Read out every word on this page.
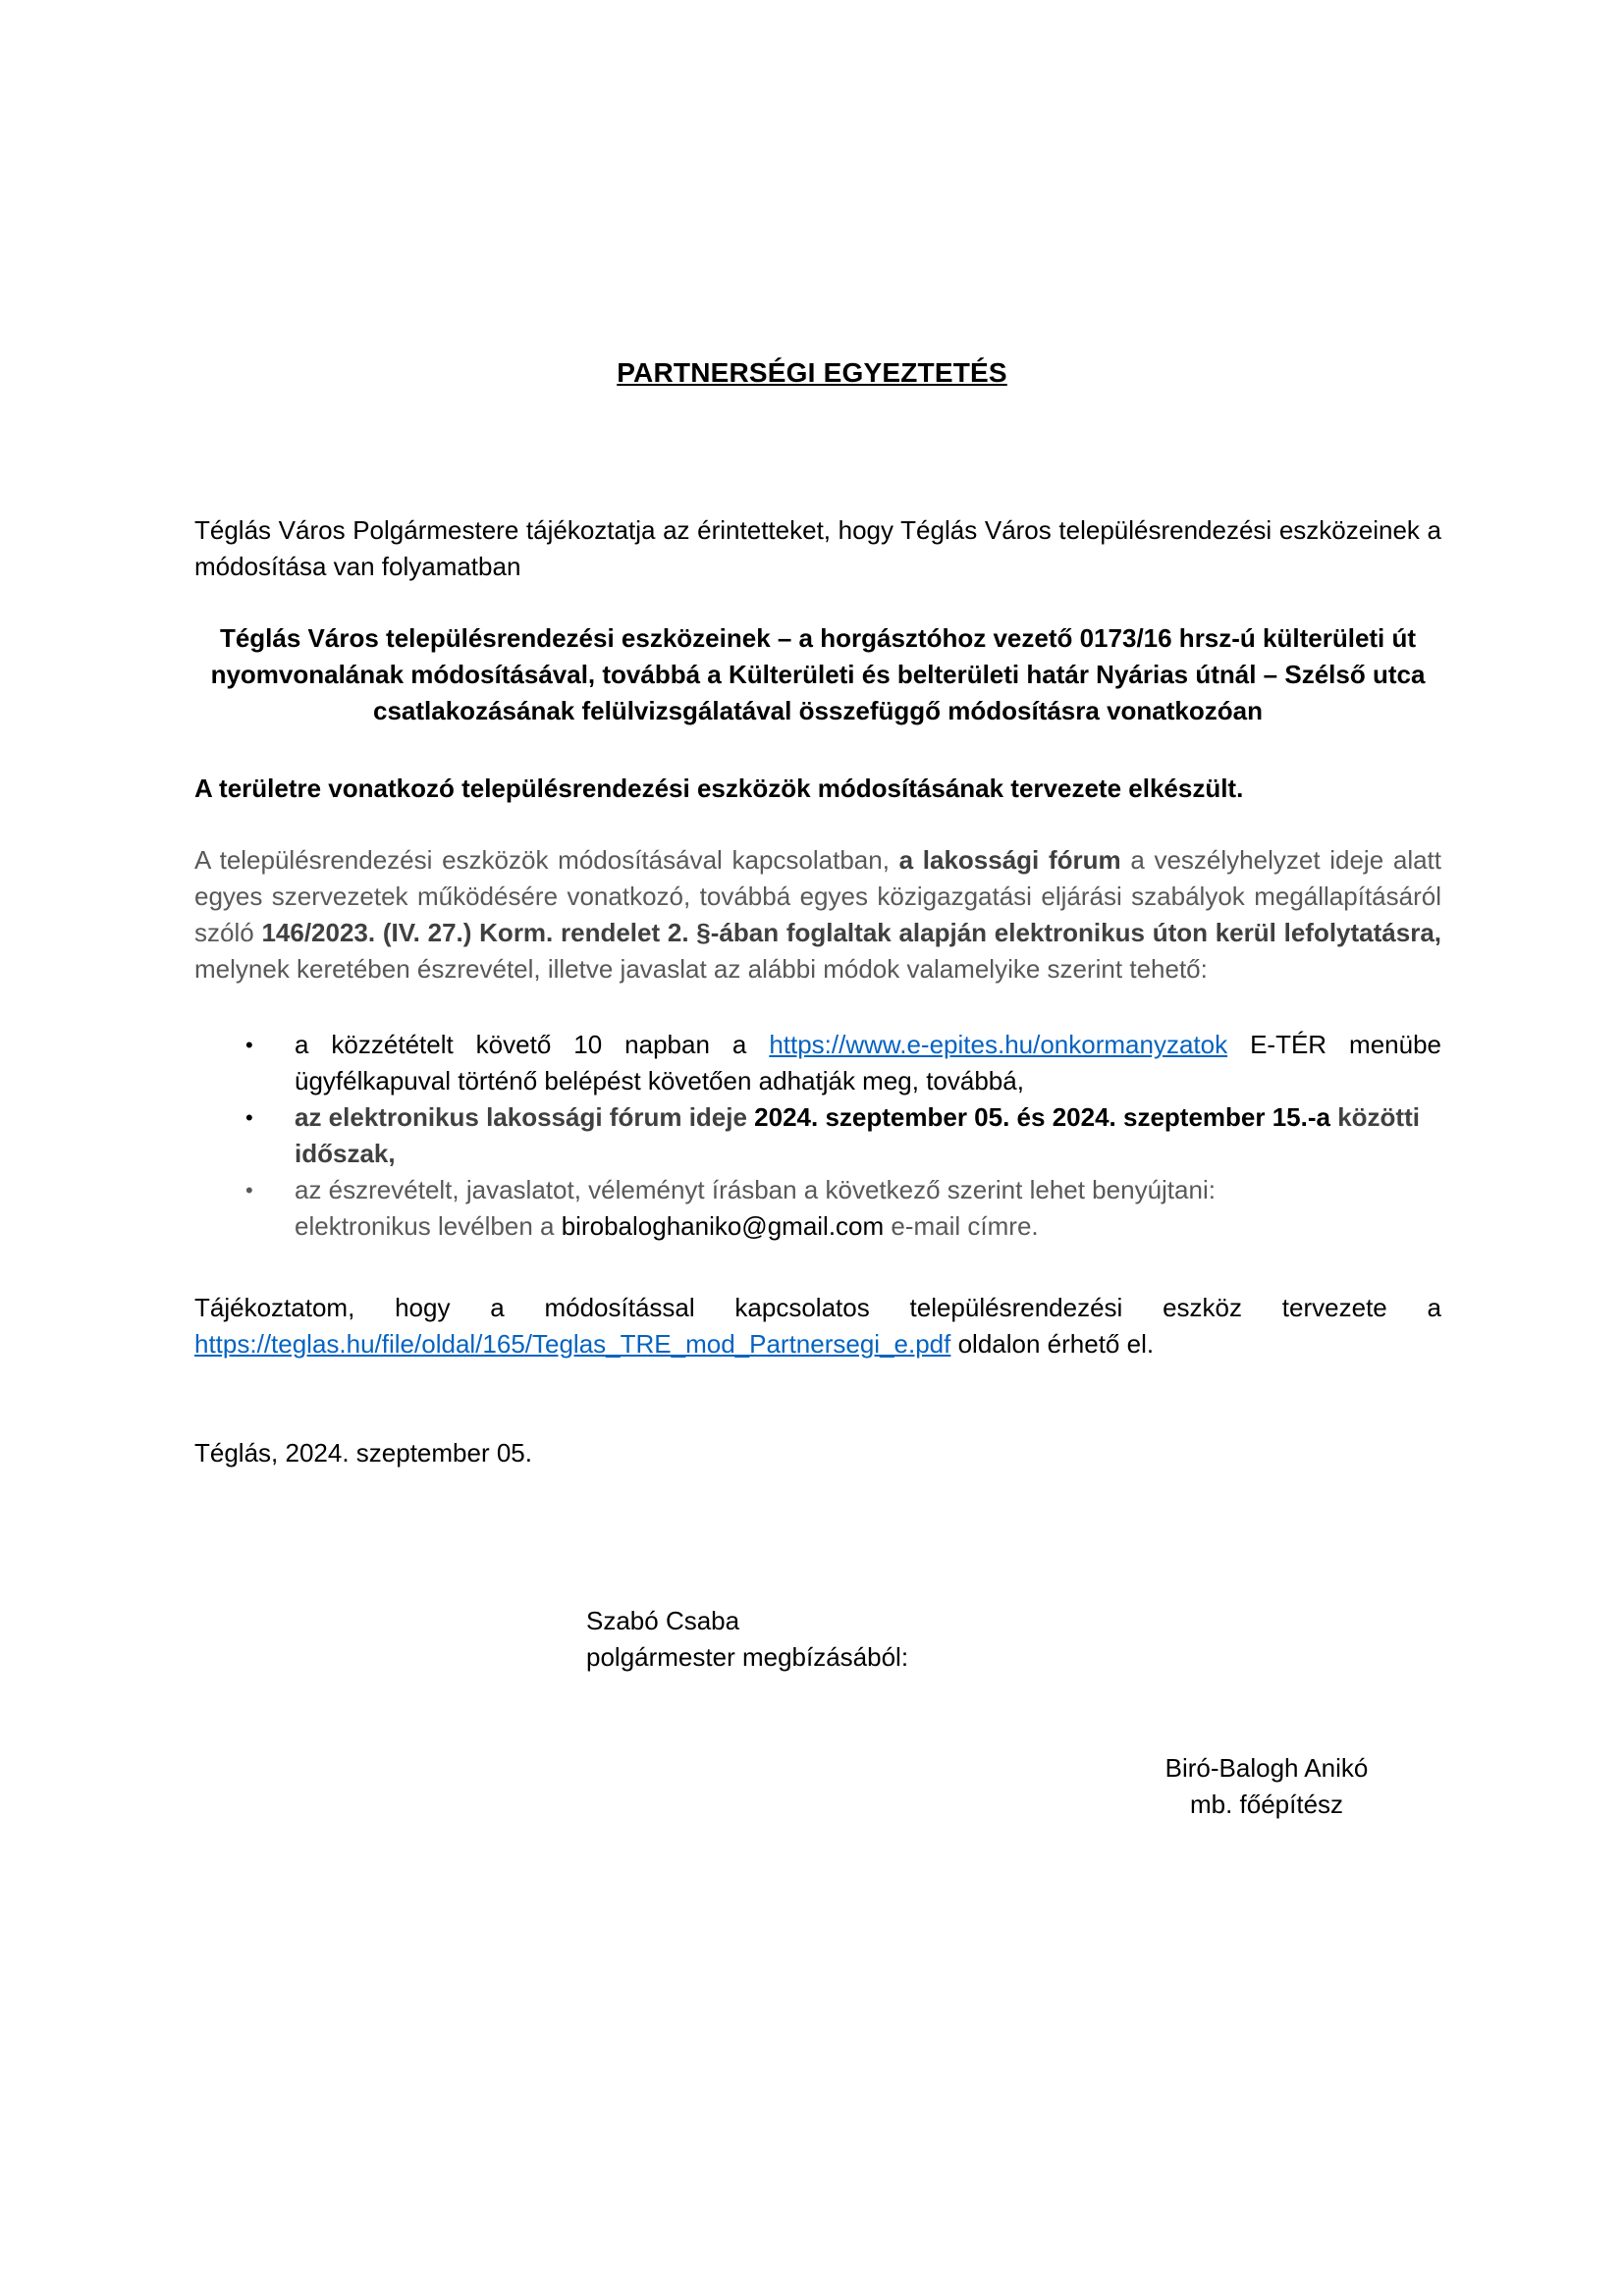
PARTNERSÉGI EGYEZTETÉS
Téglás Város Polgármestere tájékoztatja az érintetteket, hogy Téglás Város településrendezési eszközeinek a módosítása van folyamatban
Téglás Város településrendezési eszközeinek – a horgásztóhoz vezető 0173/16 hrsz-ú külterületi út nyomvonalának módosításával, továbbá a Külterületi és belterületi határ Nyárias útnál – Szélső utca csatlakozásának felülvizsgálatával összefüggő módosításra vonatkozóan
A területre vonatkozó településrendezési eszközök módosításának tervezete elkészült.
A településrendezési eszközök módosításával kapcsolatban, a lakossági fórum a veszélyhelyzet ideje alatt egyes szervezetek működésére vonatkozó, továbbá egyes közigazgatási eljárási szabályok megállapításáról szóló 146/2023. (IV. 27.) Korm. rendelet 2. §-ában foglaltak alapján elektronikus úton kerül lefolytatásra, melynek keretében észrevétel, illetve javaslat az alábbi módok valamelyike szerint tehető:
• a közzétételt követő 10 napban a https://www.e-epites.hu/onkormanyzatok E-TÉR menübe ügyfélkapuval történő belépést követően adhatják meg, továbbá,
• az elektronikus lakossági fórum ideje 2024. szeptember 05. és 2024. szeptember 15.-a közötti időszak,
• az észrevételt, javaslatot, véleményt írásban a következő szerint lehet benyújtani:
elektronikus levélben a birobaloghaniko@gmail.com e-mail címre.
Tájékoztatom, hogy a módosítással kapcsolatos településrendezési eszköz tervezete a https://teglas.hu/file/oldal/165/Teglas_TRE_mod_Partnersegi_e.pdf oldalon érhető el.
Téglás, 2024. szeptember 05.
Szabó Csaba
polgármester megbízásából:
Biró-Balogh Anikó
mb. főépítész
